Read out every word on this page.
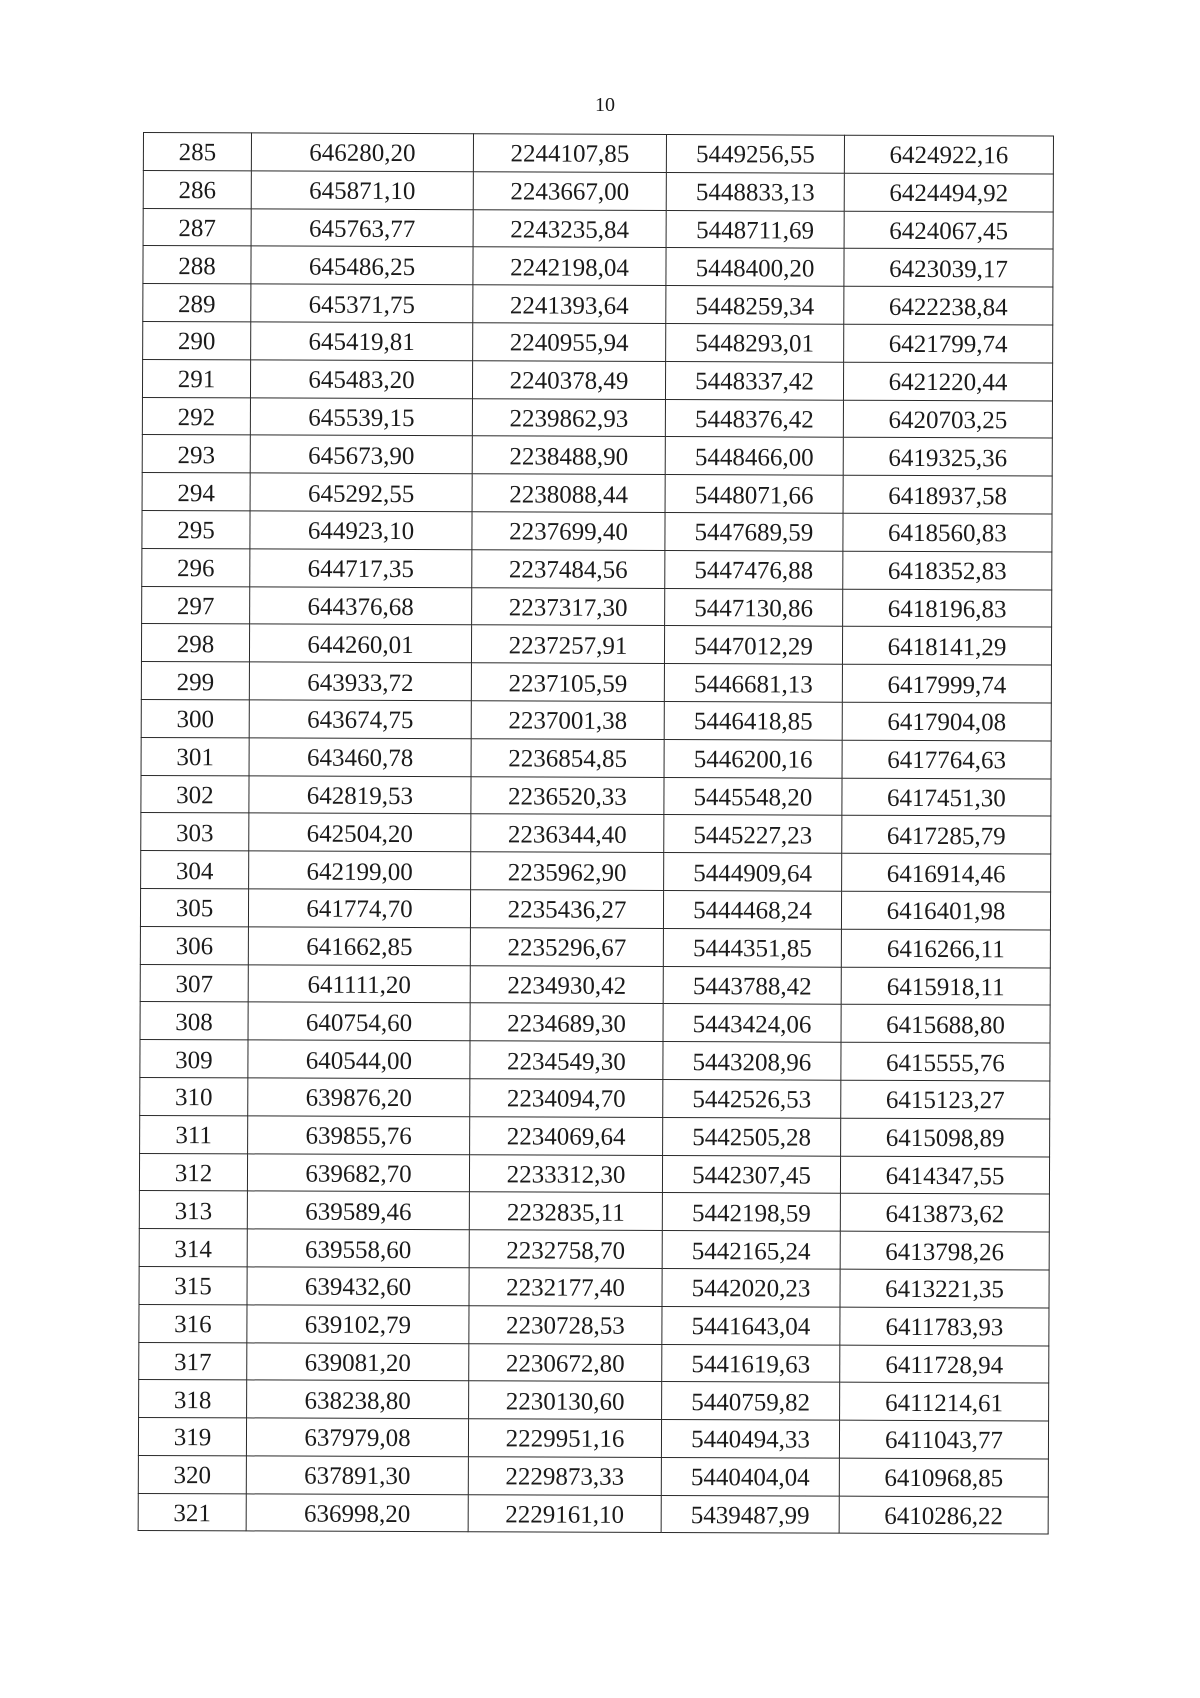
10
285	646280,20	2244107,85	5449256,55	6424922,16
286	645871,10	2243667,00	5448833,13	6424494,92
287	645763,77	2243235,84	5448711,69	6424067,45
288	645486,25	2242198,04	5448400,20	6423039,17
289	645371,75	2241393,64	5448259,34	6422238,84
290	645419,81	2240955,94	5448293,01	6421799,74
291	645483,20	2240378,49	5448337,42	6421220,44
292	645539,15	2239862,93	5448376,42	6420703,25
293	645673,90	2238488,90	5448466,00	6419325,36
294	645292,55	2238088,44	5448071,66	6418937,58
295	644923,10	2237699,40	5447689,59	6418560,83
296	644717,35	2237484,56	5447476,88	6418352,83
297	644376,68	2237317,30	5447130,86	6418196,83
298	644260,01	2237257,91	5447012,29	6418141,29
299	643933,72	2237105,59	5446681,13	6417999,74
300	643674,75	2237001,38	5446418,85	6417904,08
301	643460,78	2236854,85	5446200,16	6417764,63
302	642819,53	2236520,33	5445548,20	6417451,30
303	642504,20	2236344,40	5445227,23	6417285,79
304	642199,00	2235962,90	5444909,64	6416914,46
305	641774,70	2235436,27	5444468,24	6416401,98
306	641662,85	2235296,67	5444351,85	6416266,11
307	641111,20	2234930,42	5443788,42	6415918,11
308	640754,60	2234689,30	5443424,06	6415688,80
309	640544,00	2234549,30	5443208,96	6415555,76
310	639876,20	2234094,70	5442526,53	6415123,27
311	639855,76	2234069,64	5442505,28	6415098,89
312	639682,70	2233312,30	5442307,45	6414347,55
313	639589,46	2232835,11	5442198,59	6413873,62
314	639558,60	2232758,70	5442165,24	6413798,26
315	639432,60	2232177,40	5442020,23	6413221,35
316	639102,79	2230728,53	5441643,04	6411783,93
317	639081,20	2230672,80	5441619,63	6411728,94
318	638238,80	2230130,60	5440759,82	6411214,61
319	637979,08	2229951,16	5440494,33	6411043,77
320	637891,30	2229873,33	5440404,04	6410968,85
321	636998,20	2229161,10	5439487,99	6410286,22
